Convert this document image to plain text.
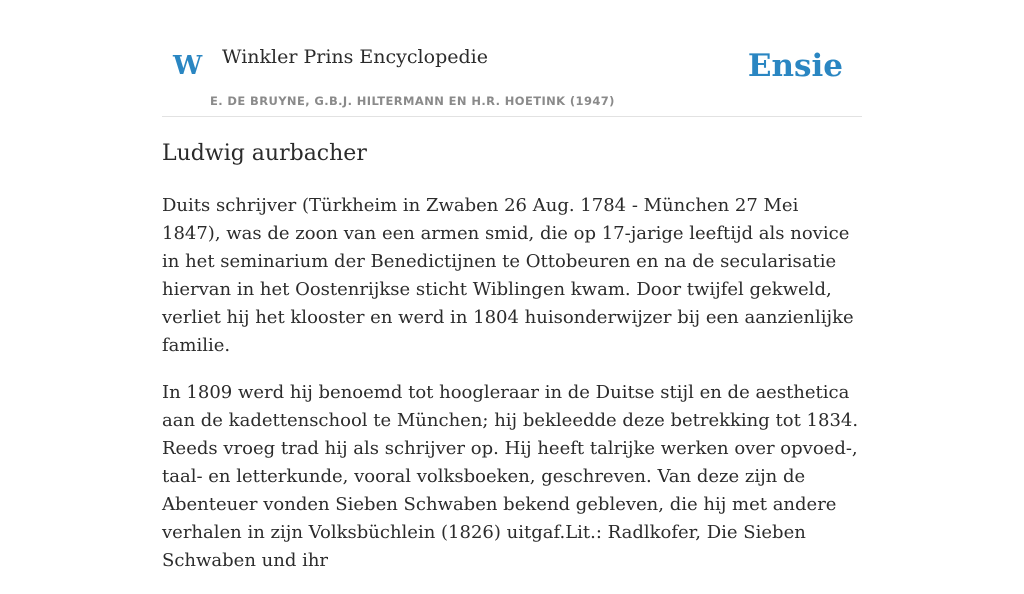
W Winkler Prins Encyclopedie
E. DE BRUYNE, G.B.J. HILTERMANN EN H.R. HOETINK (1947)
Ensie
Ludwig aurbacher

Duits schrijver (Türkheim in Zwaben 26 Aug. 1784 - München 27 Mei 1847), was de zoon van een armen smid, die op 17-jarige leeftijd als novice in het seminarium der Benedictijnen te Ottobeuren en na de secularisatie hiervan in het Oostenrijkse sticht Wiblingen kwam. Door twijfel gekweld, verliet hij het klooster en werd in 1804 huisonderwijzer bij een aanzienlijke familie.

In 1809 werd hij benoemd tot hoogleraar in de Duitse stijl en de aesthetica aan de kadettenschool te München; hij bekleedde deze betrekking tot 1834. Reeds vroeg trad hij als schrijver op. Hij heeft talrijke werken over opvoed-, taal- en letterkunde, vooral volksboeken, geschreven. Van deze zijn de Abenteuer vonden Sieben Schwaben bekend gebleven, die hij met andere verhalen in zijn Volksbüchlein (1826) uitgaf.Lit.: Radlkofer, Die Sieben Schwaben und ihr
